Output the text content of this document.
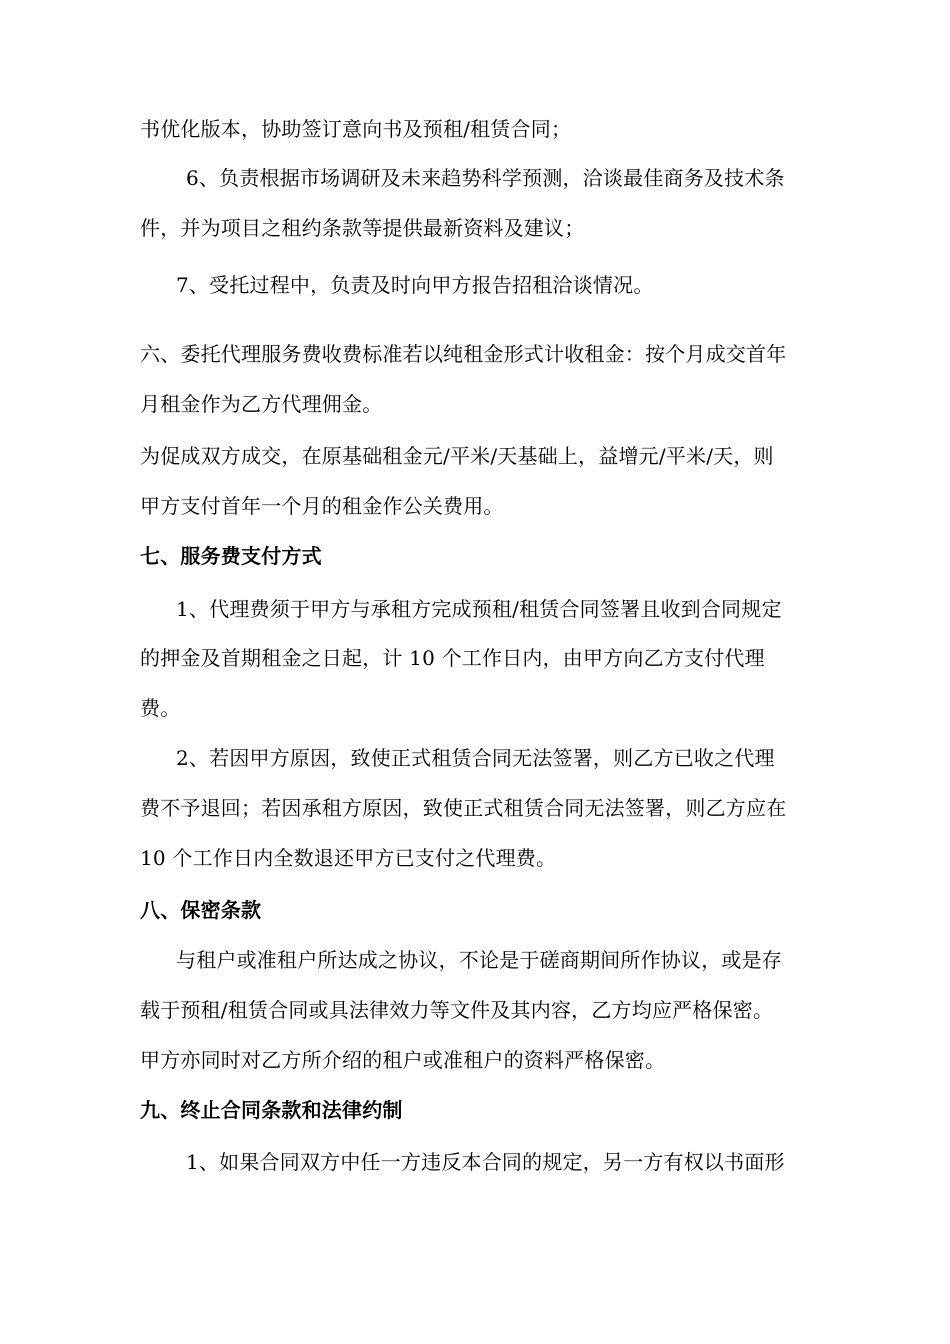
书优化版本，协助签订意向书及预租/租赁合同；
6、负责根据市场调研及未来趋势科学预测，洽谈最佳商务及技术条
件，并为项目之租约条款等提供最新资料及建议；
7、受托过程中，负责及时向甲方报告招租洽谈情况。
六、委托代理服务费收费标准若以纯租金形式计收租金：按个月成交首年
月租金作为乙方代理佣金。
为促成双方成交，在原基础租金元/平米/天基础上，益增元/平米/天，则
甲方支付首年一个月的租金作公关费用。
七、服务费支付方式
1、代理费须于甲方与承租方完成预租/租赁合同签署且收到合同规定
的押金及首期租金之日起，计 10 个工作日内，由甲方向乙方支付代理
费。
2、若因甲方原因，致使正式租赁合同无法签署，则乙方已收之代理
费不予退回；若因承租方原因，致使正式租赁合同无法签署，则乙方应在
10 个工作日内全数退还甲方已支付之代理费。
八、保密条款
与租户或准租户所达成之协议，不论是于磋商期间所作协议，或是存
载于预租/租赁合同或具法律效力等文件及其内容，乙方均应严格保密。
甲方亦同时对乙方所介绍的租户或准租户的资料严格保密。
九、终止合同条款和法律约制
1、如果合同双方中任一方违反本合同的规定，另一方有权以书面形
